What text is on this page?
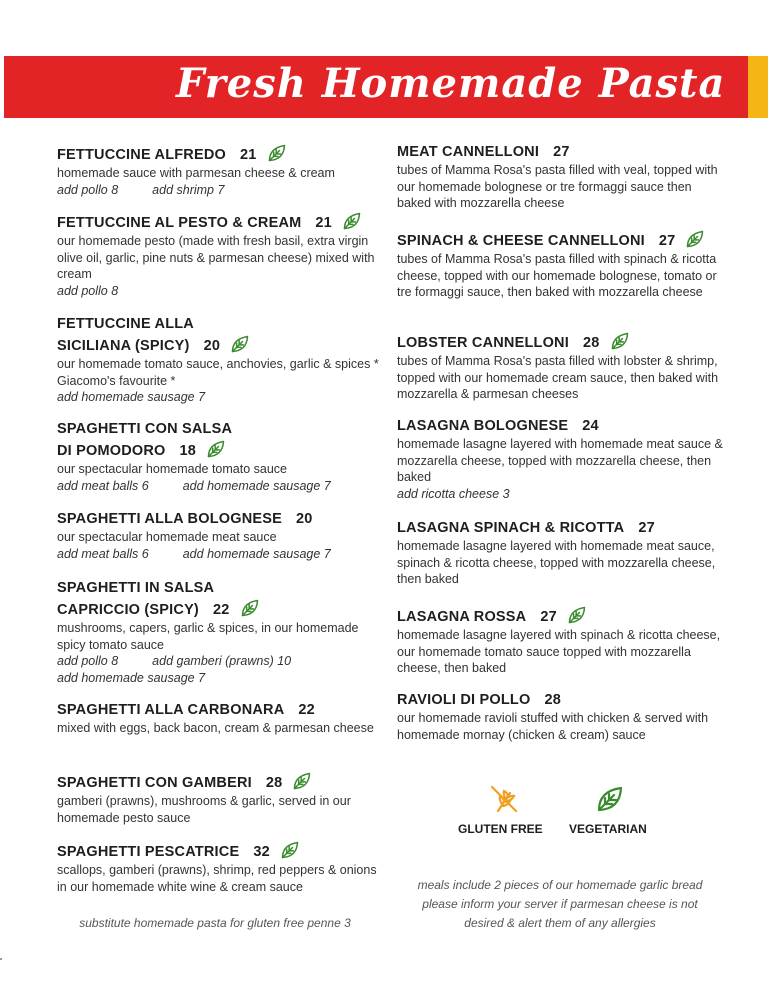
Fresh Homemade Pasta
FETTUCCINE ALFREDO 21
homemade sauce with parmesan cheese & cream
add pollo 8	add shrimp 7
FETTUCCINE AL PESTO & CREAM 21
our homemade pesto (made with fresh basil, extra virgin olive oil, garlic, pine nuts & parmesan cheese) mixed with cream
add pollo 8
FETTUCCINE ALLA
SICILIANA (SPICY) 20
our homemade tomato sauce, anchovies, garlic & spices * Giacomo's favourite *
add homemade sausage 7
SPAGHETTI CON SALSA
DI POMODORO 18
our spectacular homemade tomato sauce
add meat balls 6	add homemade sausage 7
SPAGHETTI ALLA BOLOGNESE 20
our spectacular homemade meat sauce
add meat balls 6	add homemade sausage 7
SPAGHETTI IN SALSA
CAPRICCIO (SPICY) 22
mushrooms, capers, garlic & spices, in our homemade spicy tomato sauce
add pollo 8	add gamberi (prawns) 10
add homemade sausage 7
SPAGHETTI ALLA CARBONARA 22
mixed with eggs, back bacon, cream & parmesan cheese
SPAGHETTI CON GAMBERI 28
gamberi (prawns), mushrooms & garlic, served in our homemade pesto sauce
SPAGHETTI PESCATRICE 32
scallops, gamberi (prawns), shrimp, red peppers & onions in our homemade white wine & cream sauce
MEAT CANNELLONI 27
tubes of Mamma Rosa's pasta filled with veal, topped with our homemade bolognese or tre formaggi sauce then baked with mozzarella cheese
SPINACH & CHEESE CANNELLONI 27
tubes of Mamma Rosa's pasta filled with spinach & ricotta cheese, topped with our homemade bolognese, tomato or tre formaggi sauce, then baked with mozzarella cheese
LOBSTER CANNELLONI 28
tubes of Mamma Rosa's pasta filled with lobster & shrimp, topped with our homemade cream sauce, then baked with mozzarella & parmesan cheeses
LASAGNA BOLOGNESE 24
homemade lasagne layered with homemade meat sauce & mozzarella cheese, topped with mozzarella cheese, then baked
add ricotta cheese 3
LASAGNA SPINACH & RICOTTA 27
homemade lasagne layered with homemade meat sauce, spinach & ricotta cheese, topped with mozzarella cheese, then baked
LASAGNA ROSSA 27
homemade lasagne layered with spinach & ricotta cheese, our homemade tomato sauce topped with mozzarella cheese, then baked
RAVIOLI DI POLLO 28
our homemade ravioli stuffed with chicken & served with homemade mornay (chicken & cream) sauce
GLUTEN FREE VEGETARIAN
meals include 2 pieces of our homemade garlic bread
please inform your server if parmesan cheese is not
desired & alert them of any allergies
substitute homemade pasta for gluten free penne 3
